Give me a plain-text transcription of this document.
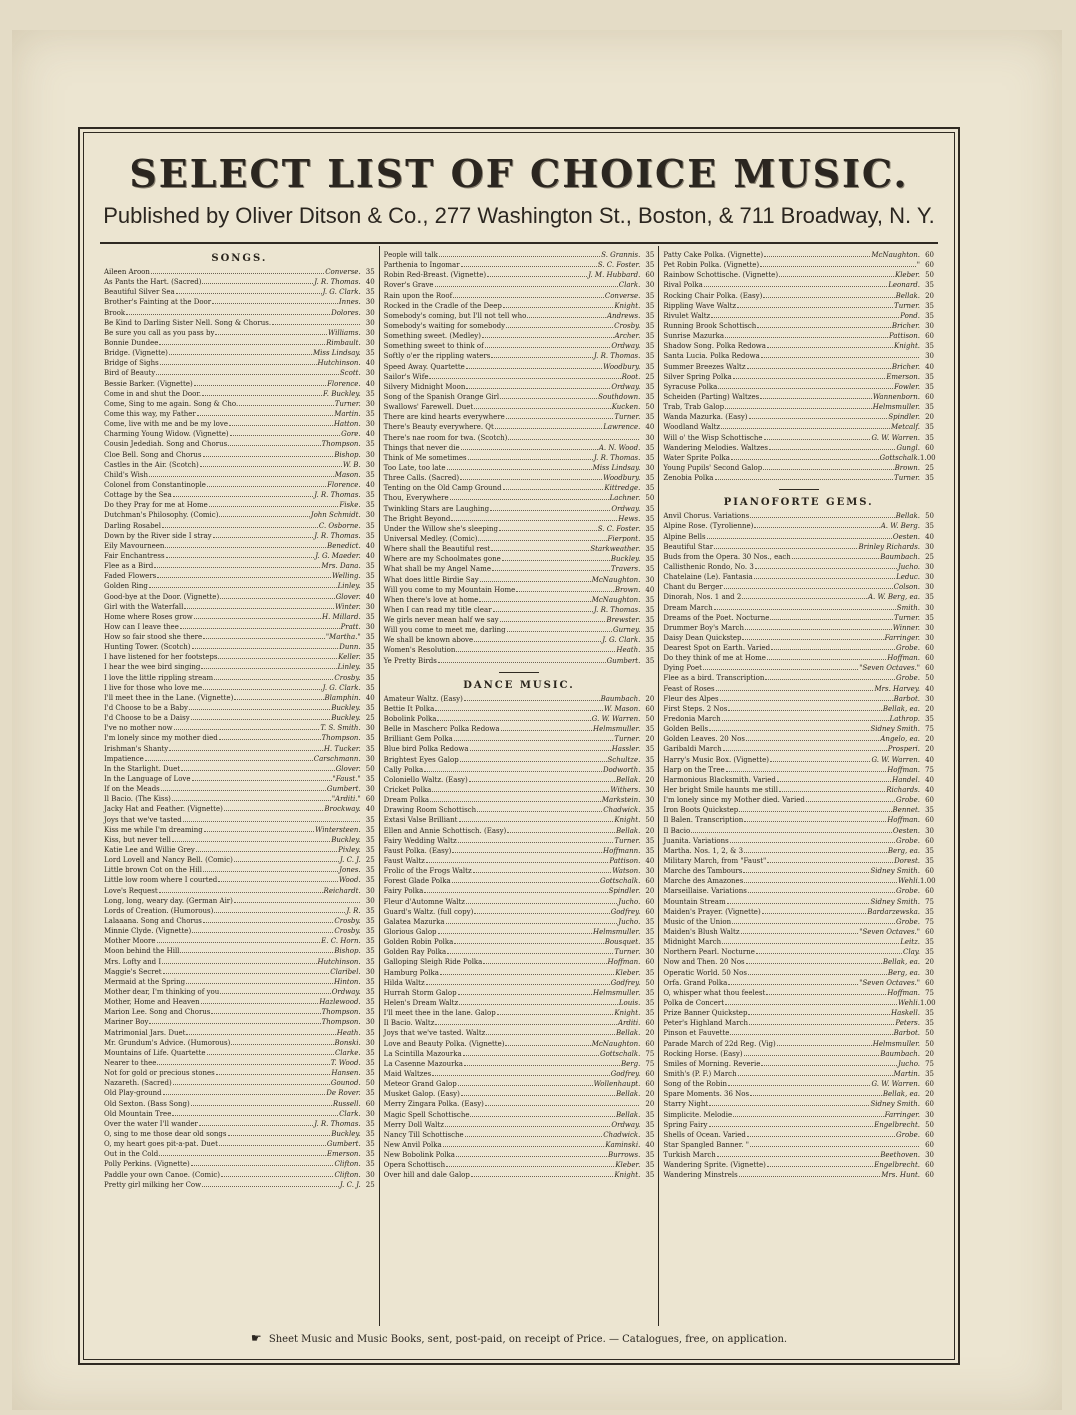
SELECT LIST OF CHOICE MUSIC.
Published by Oliver Ditson & Co., 277 Washington St., Boston, & 711 Broadway, N. Y.
SONGS.
Aileen Aroon	Converse. 35
As Pants the Hart. (Sacred)	J. R. Thomas. 40
Beautiful Silver Sea	J. G. Clark. 35
Brother's Fainting at the Door	Innes. 30
Brook	Dolores. 30
Be Kind to Darling Sister Nell. Song & Chorus.	30
Be sure you call as you pass by	Williams. 30
Bonnie Dundee	Rimbault. 30
Bridge. (Vignette)	Miss Lindsay. 35
Bridge of Sighs	Hutchinson. 40
Bird of Beauty	Scott. 30
Bessie Barker. (Vignette)	Florence. 40
Come in and shut the Door.	F. Buckley. 35
Come, Sing to me again. Song & Cho.	Turner. 30
Come this way, my Father	Martin. 35
Come, live with me and be my love	Hatton. 30
Charming Young Widow. (Vignette)	Gore. 40
Cousin Jedediah. Song and Chorus.	Thompson. 35
Cloe Bell. Song and Chorus	Bishop. 30
Castles in the Air. (Scotch)	W. B. 30
Child's Wish	Mason. 35
Colonel from Constantinople	Florence. 40
Cottage by the Sea	J. R. Thomas. 35
Do they Pray for me at Home	Fiske. 35
Dutchman's Philosophy. (Comic)	John Schmidt. 30
Darling Rosabel	C. Osborne. 35
Down by the River side I stray	J. R. Thomas. 35
Eily Mavourneen	Benedict. 40
Fair Enchantress	J. G. Maeder. 40
Flee as a Bird	Mrs. Dana. 35
Faded Flowers	Welling. 35
Golden Ring	Linley. 35
Good-bye at the Door. (Vignette)	Glover. 40
Girl with the Waterfall	Winter. 30
Home where Roses grow	H. Millard. 35
How can I leave thee	Pratt. 30
How so fair stood she there	"Martha." 35
Hunting Tower. (Scotch)	Dunn. 35
I have listened for her footsteps	Keller. 35
I hear the wee bird singing	Linley. 35
I love the little rippling stream	Crosby. 35
I live for those who love me	J. G. Clark. 35
I'll meet thee in the Lane. (Vignette)	Blamphin. 40
I'd Choose to be a Baby	Buckley. 35
I'd Choose to be a Daisy	Buckley. 25
I've no mother now	T. S. Smith. 30
I'm lonely since my mother died	Thompson. 35
Irishman's Shanty	H. Tucker. 35
Impatience	Carschmann. 30
In the Starlight. Duet	Glover. 50
In the Language of Love	"Faust." 35
If on the Meads	Gumbert. 30
Il Bacio. (The Kiss)	"Arditi." 60
Jacky Hat and Feather. (Vignette)	Brockway. 40
Joys that we've tasted	35
Kiss me while I'm dreaming	Wintersteen. 35
Kiss, but never tell	Buckley. 35
Katie Lee and Willie Grey	Pixley. 35
Lord Lovell and Nancy Bell. (Comic)	J. C. J. 25
Little brown Cot on the Hill	Jones. 35
Little low room where I courted	Wood. 35
Love's Request	Reichardt. 30
Long, long, weary day. (German Air)	30
Lords of Creation. (Humorous)	J. R. 35
Lalaaana. Song and Chorus	Crosby. 35
Minnie Clyde. (Vignette)	Crosby. 35
Mother Moore	E. C. Horn. 35
Moon behind the Hill	Bishop. 35
Mrs. Lofty and I	Hutchinson. 35
Maggie's Secret	Claribel. 30
Mermaid at the Spring	Hinton. 35
Mother dear, I'm thinking of you	Ordway. 35
Mother, Home and Heaven	Hazlewood. 35
Marion Lee. Song and Chorus	Thompson. 35
Mariner Boy	Thompson. 30
Matrimonial Jars. Duet	Heath. 35
Mr. Grundum's Advice. (Humorous)	Bonski. 30
Mountains of Life. Quartette	Clarke. 35
Nearer to thee	T. Wood. 35
Not for gold or precious stones	Hansen. 35
Nazareth. (Sacred)	Gounod. 50
Old Play-ground	De Rover. 35
Old Sexton. (Bass Song)	Russell. 60
Old Mountain Tree	Clark. 30
Over the water I'll wander	J. R. Thomas. 35
O, sing to me those dear old songs	Buckley. 35
O, my heart goes pit-a-pat. Duet	Gumbert. 35
Out in the Cold	Emerson. 35
Polly Perkins. (Vignette)	Clifton. 35
Paddle your own Canoe. (Comic)	Clifton. 30
Pretty girl milking her Cow	J. C. J. 25
People will talk	S. Grannis. 35
Parthenia to Ingomar	S. C. Foster. 35
Robin Red-Breast. (Vignette)	J. M. Hubbard. 60
Rover's Grave	Clark. 30
Rain upon the Roof	Converse. 35
Rocked in the Cradle of the Deep	Knight. 35
Somebody's coming, but I'll not tell who	Andrews. 35
Somebody's waiting for somebody	Crosby. 35
Something sweet. (Medley)	Archer. 35
Something sweet to think of	Ordway. 35
Softly o'er the rippling waters	J. R. Thomas. 35
Speed Away. Quartette	Woodbury. 35
Sailor's Wife	Root. 25
Silvery Midnight Moon	Ordway. 35
Song of the Spanish Orange Girl	Southdown. 35
Swallows' Farewell. Duet	Kucken. 50
There are kind hearts everywhere	Turner. 35
There's Beauty everywhere. Qt	Lawrence. 40
There's nae room for twa. (Scotch)	30
Things that never die	A. N. Wood. 35
Think of Me sometimes	J. R. Thomas. 35
Too Late, too late	Miss Lindsay. 30
Three Calls. (Sacred)	Woodbury. 35
Tenting on the Old Camp Ground	Kittredge. 35
Thou, Everywhere	Lachner. 50
Twinkling Stars are Laughing	Ordway. 35
The Bright Beyond	Hews. 35
Under the Willow she's sleeping	S. C. Foster. 35
Universal Medley. (Comic)	Fierpont. 35
Where shall the Beautiful rest	Starkweather. 35
Where are my Schoolmates gone	Buckley. 35
What shall be my Angel Name	Travers. 35
What does little Birdie Say	McNaughton. 30
Will you come to my Mountain Home	Brown. 40
When there's love at home	McNaughton. 35
When I can read my title clear	J. R. Thomas. 35
We girls never mean half we say	Brewster. 35
Will you come to meet me, darling	Gurney. 35
We shall be known above	J. G. Clark. 35
Women's Resolution	Heath. 35
Ye Pretty Birds	Gumbert. 35
DANCE MUSIC.
Amateur Waltz. (Easy)	Baumbach. 20
Bettie It Polka	W. Mason. 60
Bobolink Polka	G. W. Warren. 50
Belle in Mascherc Polka Redowa	Helmsmuller. 35
Brilliant Gem Polka	Turner. 20
Blue bird Polka Redowa	Hassler. 35
Brightest Eyes Galop	Schultze. 35
Cally Polka	Dodworth. 35
Coloniello Waltz. (Easy)	Bellak. 20
Cricket Polka	Withers. 30
Dream Polka	Markstein. 30
Drawing Room Schottisch	Chadwick. 35
Extasi Valse Brilliant	Knight. 50
Ellen and Annie Schottisch. (Easy)	Bellak. 20
Fairy Wedding Waltz	Turner. 35
Faust Polka. (Easy)	Hoffmann. 35
Faust Waltz	Pattison. 40
Frolic of the Frogs Waltz	Watson. 30
Forest Glade Polka	Gottschalk. 60
Fairy Polka	Spindler. 20
Fleur d'Automne Waltz	Jucho. 60
Guard's Waltz. (full copy)	Godfrey. 60
Galatea Mazurka	Jucho. 35
Glorious Galop	Helmsmuller. 35
Golden Robin Polka	Bousquet. 35
Golden Ray Polka	Turner. 30
Galloping Sleigh Ride Polka	Hoffman. 60
Hamburg Polka	Kleber. 35
Hilda Waltz	Godfrey. 50
Hurrah Storm Galop	Helmsmuller. 35
Helen's Dream Waltz	Louis. 35
I'll meet thee in the lane. Galop	Knight. 35
Il Bacio. Waltz	Arditi. 60
Joys that we've tasted. Waltz	Bellak. 20
Love and Beauty Polka. (Vignette)	McNaughton. 60
La Scintilla Mazourka	Gottschalk. 75
La Casenne Mazourka	Berg. 75
Maid Waltzes	Godfrey. 60
Meteor Grand Galop	Wollenhaupt. 60
Musket Galop. (Easy)	Bellak. 20
Merry Zingara Polka. (Easy)	20
Magic Spell Schottische	Bellak. 35
Merry Doll Waltz	Ordway. 35
Nancy Till Schottische	Chadwick. 35
New Anvil Polka	Kaminski. 40
New Bobolink Polka	Burrows. 35
Opera Schottisch	Kleber. 35
Over hill and dale Galop	Knight. 35
Patty Cake Polka. (Vignette)	McNaughton. 60
Pet Robin Polka. (Vignette)	" 60
Rainbow Schottische. (Vignette)	Kleber. 50
Rival Polka	Leonard. 35
Rocking Chair Polka. (Easy)	Bellak. 20
Rippling Wave Waltz	Turner. 35
Rivulet Waltz	Pond. 35
Running Brook Schottisch	Bricher. 30
Sunrise Mazurka	Pattison. 60
Shadow Song. Polka Redowa	Knight. 35
Santa Lucia. Polka Redowa	30
Summer Breezes Waltz	Bricher. 40
Silver Spring Polka	Emerson. 35
Syracuse Polka	Fowler. 35
Scheiden (Parting) Waltzes	Wannenborn. 60
Trab, Trab Galop	Helmsmuller. 35
Wanda Mazurka. (Easy)	Spindler. 20
Woodland Waltz	Metcalf. 35
Will o' the Wisp Schottische	G. W. Warren. 35
Wandering Melodies. Waltzes	Gungl. 60
Water Sprite Polka	Gottschalk. 1.00
Young Pupils' Second Galop	Brown. 25
Zenobia Polka	Turner. 35
PIANOFORTE GEMS.
Anvil Chorus. Variations	Bellak. 50
Alpine Rose. (Tyrolienne)	A. W. Berg. 35
Alpine Bells	Oesten. 40
Beautiful Star	Brinley Richards. 30
Buds from the Opera. 30 Nos., each	Baumbach. 25
Callisthenic Rondo, No. 3	Jucho. 30
Chatelaine (Le). Fantasia	Leduc. 30
Chant du Berger	Colson. 30
Dinorah, Nos. 1 and 2	A. W. Berg, ea. 35
Dream March	Smith. 30
Dreams of the Poet. Nocturne	Turner. 35
Drummer Boy's March	Winner. 30
Daisy Dean Quickstep	Farringer. 30
Dearest Spot on Earth. Varied	Grobe. 60
Do they think of me at Home	Hoffman. 60
Dying Poet	"Seven Octaves." 60
Flee as a bird. Transcription	Grobe. 50
Feast of Roses	Mrs. Harvey. 40
Fleur des Alpes	Barbot. 30
First Steps. 2 Nos	Bellak, ea. 20
Fredonia March	Lathrop. 35
Golden Bells	Sidney Smith. 75
Golden Leaves. 20 Nos	Angelo, ea. 20
Garibaldi March	Prosperi. 20
Harry's Music Box. (Vignette)	G. W. Warren. 40
Harp on the Tree	Hoffman. 75
Harmonious Blacksmith. Varied	Handel. 40
Her bright Smile haunts me still	Richards. 40
I'm lonely since my Mother died. Varied	Grobe. 60
Iron Boots Quickstep	Bennet. 35
Il Balen. Transcription	Hoffman. 60
Il Bacio	Oesten. 30
Juanita. Variations	Grobe. 60
Martha. Nos. 1, 2, & 3	Berg, ea. 35
Military March, from "Faust"	Dorest. 35
Marche des Tambours	Sidney Smith. 60
Marche des Amazones	Wehli. 1.00
Marseillaise. Variations	Grobe. 60
Mountain Stream	Sidney Smith. 75
Maiden's Prayer. (Vignette)	Bardarzewska. 35
Music of the Union	Grobe. 75
Maiden's Blush Waltz	"Seven Octaves." 60
Midnight March	Leitz. 35
Northern Pearl. Nocturne	Clay. 35
Now and Then. 20 Nos	Bellak, ea. 20
Operatic World. 50 Nos	Berg, ea. 30
Orfa. Grand Polka	"Seven Octaves." 60
O, whisper what thou feelest	Hoffman. 75
Polka de Concert	Wehli. 1.00
Prize Banner Quickstep	Haskell. 35
Peter's Highland March	Peters. 35
Pinson et Fauvette	Barbot. 50
Parade March of 22d Reg. (Vig)	Helmsmuller. 50
Rocking Horse. (Easy)	Baumbach. 20
Smiles of Morning. Reverie	Jucho. 75
Smith's (P. F.) March	Martin. 35
Song of the Robin	G. W. Warren. 60
Spare Moments. 36 Nos	Bellak, ea. 20
Starry Night	Sidney Smith. 60
Simplicite. Melodie	Farringer. 30
Spring Fairy	Engelbrecht. 50
Shells of Ocean. Varied	Grobe. 60
Star Spangled Banner. "	60
Turkish March	Beethoven. 30
Wandering Sprite. (Vignette)	Engelbrecht. 60
Wandering Minstrels	Mrs. Hunt. 60
☛ Sheet Music and Music Books, sent, post-paid, on receipt of Price. — Catalogues, free, on application.
